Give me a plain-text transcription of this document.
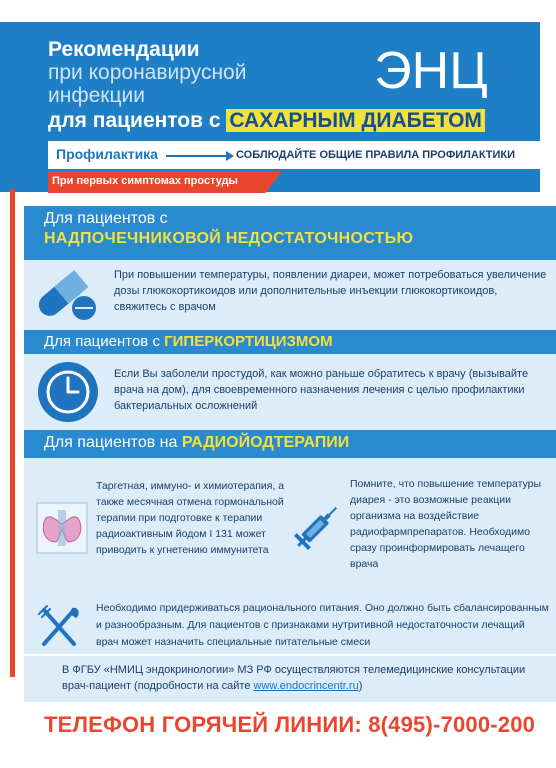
Рекомендации
при коронавирусной
инфекции
для пациентов с САХАРНЫМ ДИАБЕТОМ
ЭНЦ
Профилактика	СОБЛЮДАЙТЕ ОБЩИЕ ПРАВИЛА ПРОФИЛАКТИКИ
При первых симптомах простуды
Для пациентов с
НАДПОЧЕЧНИКОВОЙ НЕДОСТАТОЧНОСТЬЮ
При повышении температуры, появлении диареи, может потребоваться увеличение дозы глюкокортикоидов или дополнительные инъекции глюкокортикоидов, свяжитесь с врачом
Для пациентов с ГИПЕРКОРТИЦИЗМОМ
Если Вы заболели простудой, как можно раньше обратитесь к врачу (вызывайте врача на дом), для своевременного назначения лечения с целью профилактики бактериальных осложнений
Для пациентов на РАДИОЙОДТЕРАПИИ
Таргетная, иммуно- и химиотерапия, а также месячная отмена гормональной терапии при подготовке к терапии радиоактивным йодом I 131 может приводить к угнетению иммунитета
Помните, что повышение температуры диарея - это возможные реакции организма на воздействие радиофармпрепаратов. Необходимо сразу проинформировать лечащего врача
Необходимо придерживаться рационального питания. Оно должно быть сбалансированным и разнообразным. Для пациентов с признаками нутритивной недостаточности лечащий врач может назначить специальные питательные смеси
В ФГБУ «НМИЦ эндокринологии» МЗ РФ осуществляются телемедицинские консультации врач-пациент (подробности на сайте www.endocrincentr.ru)
ТЕЛЕФОН ГОРЯЧЕЙ ЛИНИИ: 8(495)-7000-200
